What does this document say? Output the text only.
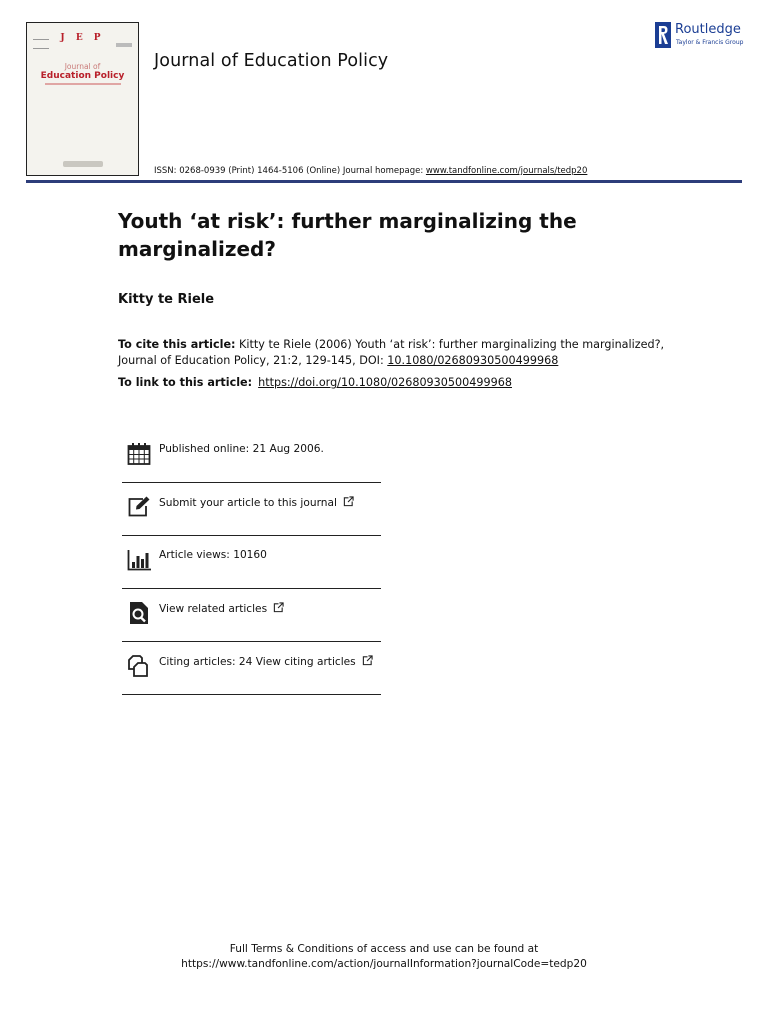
J E P
Journal of
Education Policy
Journal of Education Policy
Routledge
Taylor & Francis Group
ISSN: 0268-0939 (Print) 1464-5106 (Online) Journal homepage: www.tandfonline.com/journals/tedp20
Youth ‘at risk’: further marginalizing the marginalized?
Kitty te Riele
To cite this article: Kitty te Riele (2006) Youth ‘at risk’: further marginalizing the marginalized?, Journal of Education Policy, 21:2, 129-145, DOI: 10.1080/02680930500499968
To link to this article: https://doi.org/10.1080/02680930500499968
Published online: 21 Aug 2006.
Submit your article to this journal
Article views: 10160
View related articles
Citing articles: 24 View citing articles
Full Terms & Conditions of access and use can be found at
https://www.tandfonline.com/action/journalInformation?journalCode=tedp20
